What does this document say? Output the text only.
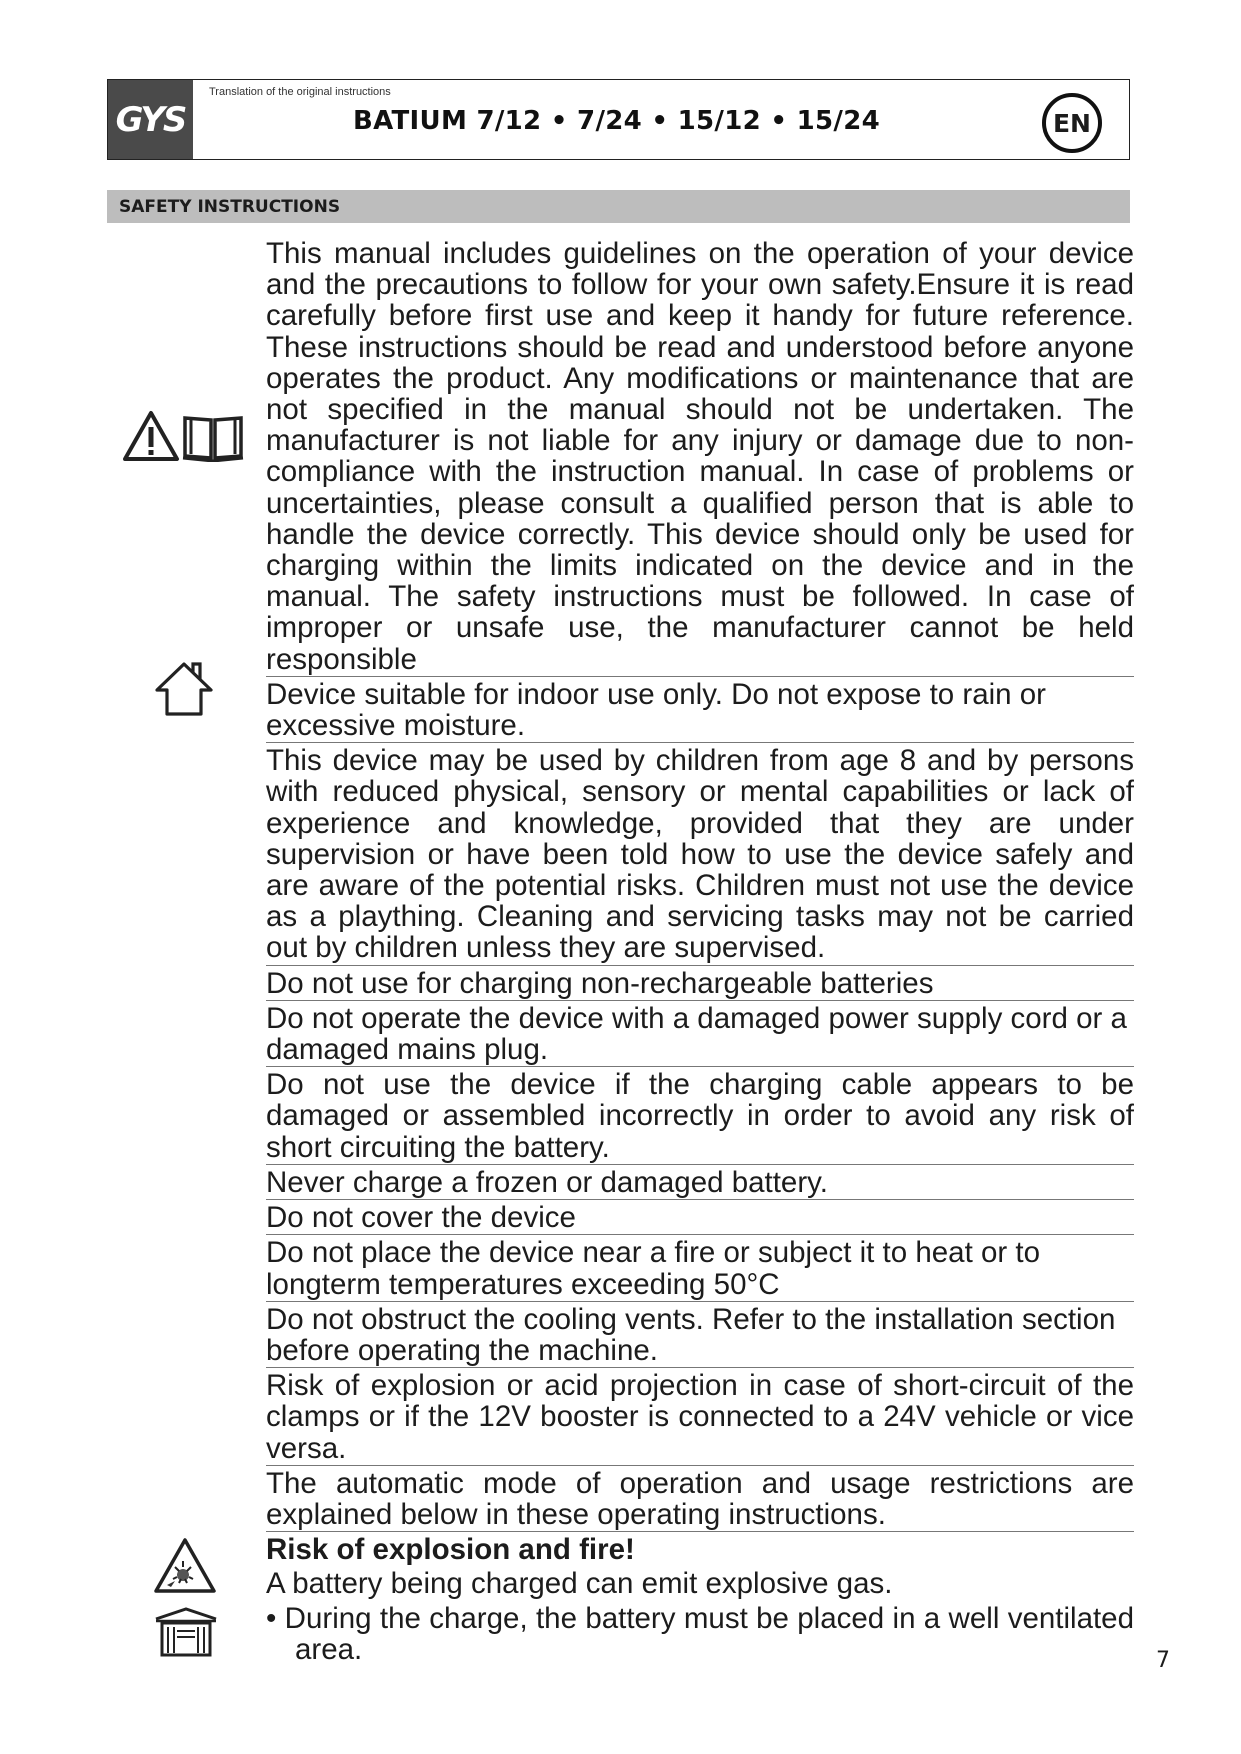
GYS
Translation of the original instructions
BATIUM 7/12 • 7/24 • 15/12 • 15/24	EN
SAFETY INSTRUCTIONS
This manual includes guidelines on the operation of your device and the precautions to follow for your own safety.Ensure it is read carefully before first use and keep it handy for future reference. These instructions should be read and understood before anyone operates the product. Any modifications or maintenance that are not specified in the manual should not be undertaken. The manufacturer is not liable for any injury or damage due to non-compliance with the instruction manual. In case of problems or uncertainties, please consult a qualified person that is able to handle the device correctly. This device should only be used for charging within the limits indicated on the device and in the manual. The safety instructions must be followed. In case of improper or unsafe use, the manufacturer cannot be held responsible
Device suitable for indoor use only. Do not expose to rain or excessive moisture.
This device may be used by children from age 8 and by persons with reduced physical, sensory or mental capabilities or lack of experience and knowledge, provided that they are under supervision or have been told how to use the device safely and are aware of the potential risks. Children must not use the device as a plaything. Cleaning and servicing tasks may not be carried out by children unless they are supervised.
Do not use for charging non-rechargeable batteries
Do not operate the device with a damaged power supply cord or a damaged mains plug.
Do not use the device if the charging cable appears to be damaged or assembled incorrectly in order to avoid any risk of short circuiting the battery.
Never charge a frozen or damaged battery.
Do not cover the device
Do not place the device near a fire or subject it to heat or to longterm temperatures exceeding 50°C
Do not obstruct the cooling vents. Refer to the installation section before operating the machine.
Risk of explosion or acid projection in case of short-circuit of the clamps or if the 12V booster is connected to a 24V vehicle or vice versa.
The automatic mode of operation and usage restrictions are explained below in these operating instructions.
Risk of explosion and fire!
A battery being charged can emit explosive gas.
• During the charge, the battery must be placed in a well ventilated area.	7
